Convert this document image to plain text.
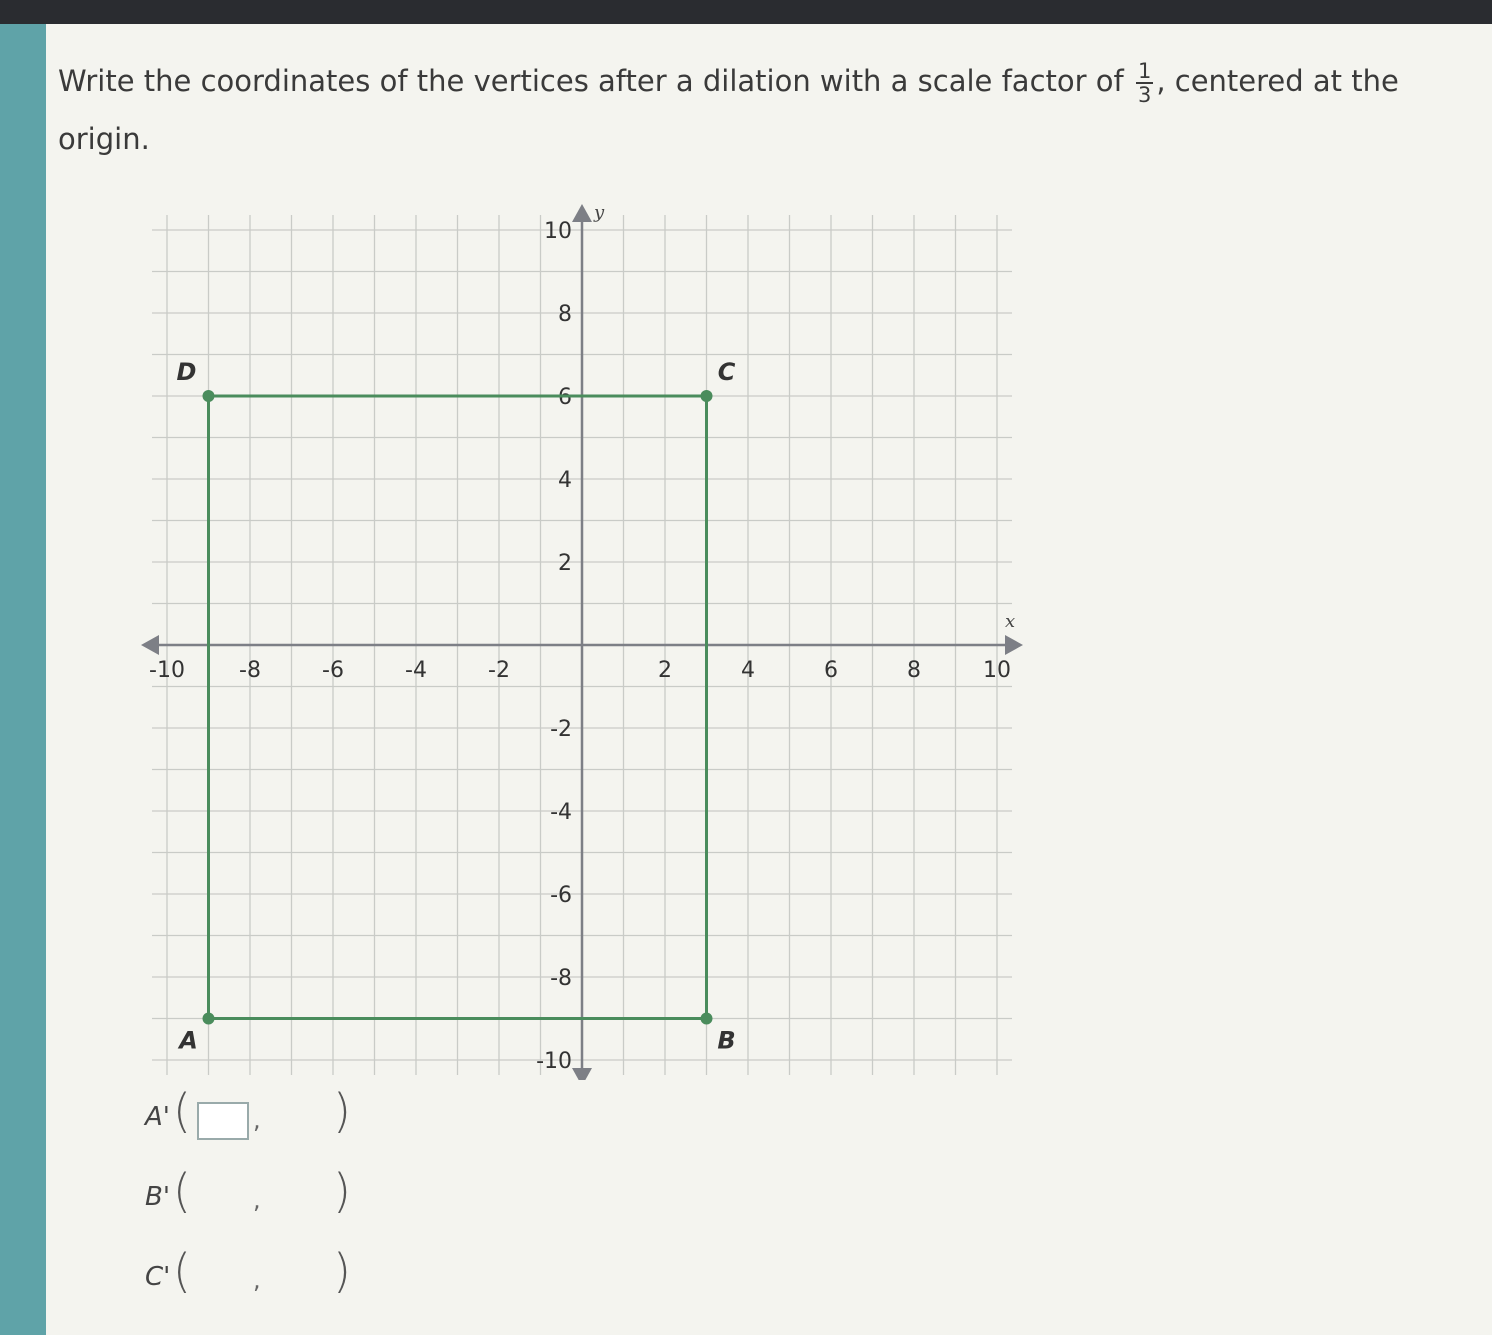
Write the coordinates of the vertices after a dilation with a scale factor of $\frac{1}{3}$ , centered at the origin.
x
y
-10 -8	-6	-4	-2	2	4	6	8	10
10
8
6
4
2
-2
-4
-6
-8
-10
A	B
C
D
A' (	, )
B' (	, )
C' (	, )
